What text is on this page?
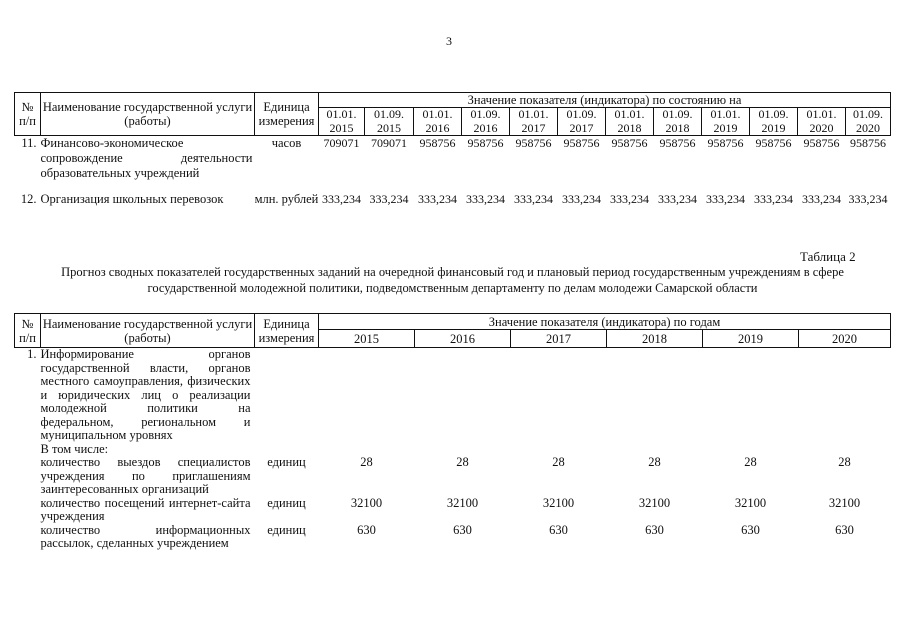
3
№ п/п	Наименование государственной услуги (работы)	Единица измерения	Значение показателя (индикатора) по состоянию на											
			01.01. 2015	01.09. 2015	01.01. 2016	01.09. 2016	01.01. 2017	01.09. 2017	01.01. 2018	01.09. 2018	01.01. 2019	01.09. 2019	01.01. 2020	01.09. 2020
11.	Финансово-экономическое сопровождение деятельности образовательных учреждений	часов	709071	709071	958756	958756	958756	958756	958756	958756	958756	958756	958756	958756
12.	Организация школьных перевозок	млн. рублей	333,234	333,234	333,234	333,234	333,234	333,234	333,234	333,234	333,234	333,234	333,234	333,234
Таблица 2
Прогноз сводных показателей государственных заданий на очередной финансовый год и плановый период государственным учреждениям в сфере государственной молодежной политики, подведомственным департаменту по делам молодежи Самарской области
№ п/п	Наименование государственной услуги (работы)	Единица измерения	Значение показателя (индикатора) по годам					
			2015	2016	2017	2018	2019	2020
1.	Информирование органов государственной власти, органов местного самоуправления, физических и юридических лиц о реализации молодежной политики на федеральном, региональном и муниципальном уровнях							
	В том числе:							
	количество выездов специалистов учреждения по приглашениям заинтересованных организаций	единиц	28	28	28	28	28	28
	количество посещений интернет-сайта учреждения	единиц	32100	32100	32100	32100	32100	32100
	количество информационных рассылок, сделанных учреждением	единиц	630	630	630	630	630	630
